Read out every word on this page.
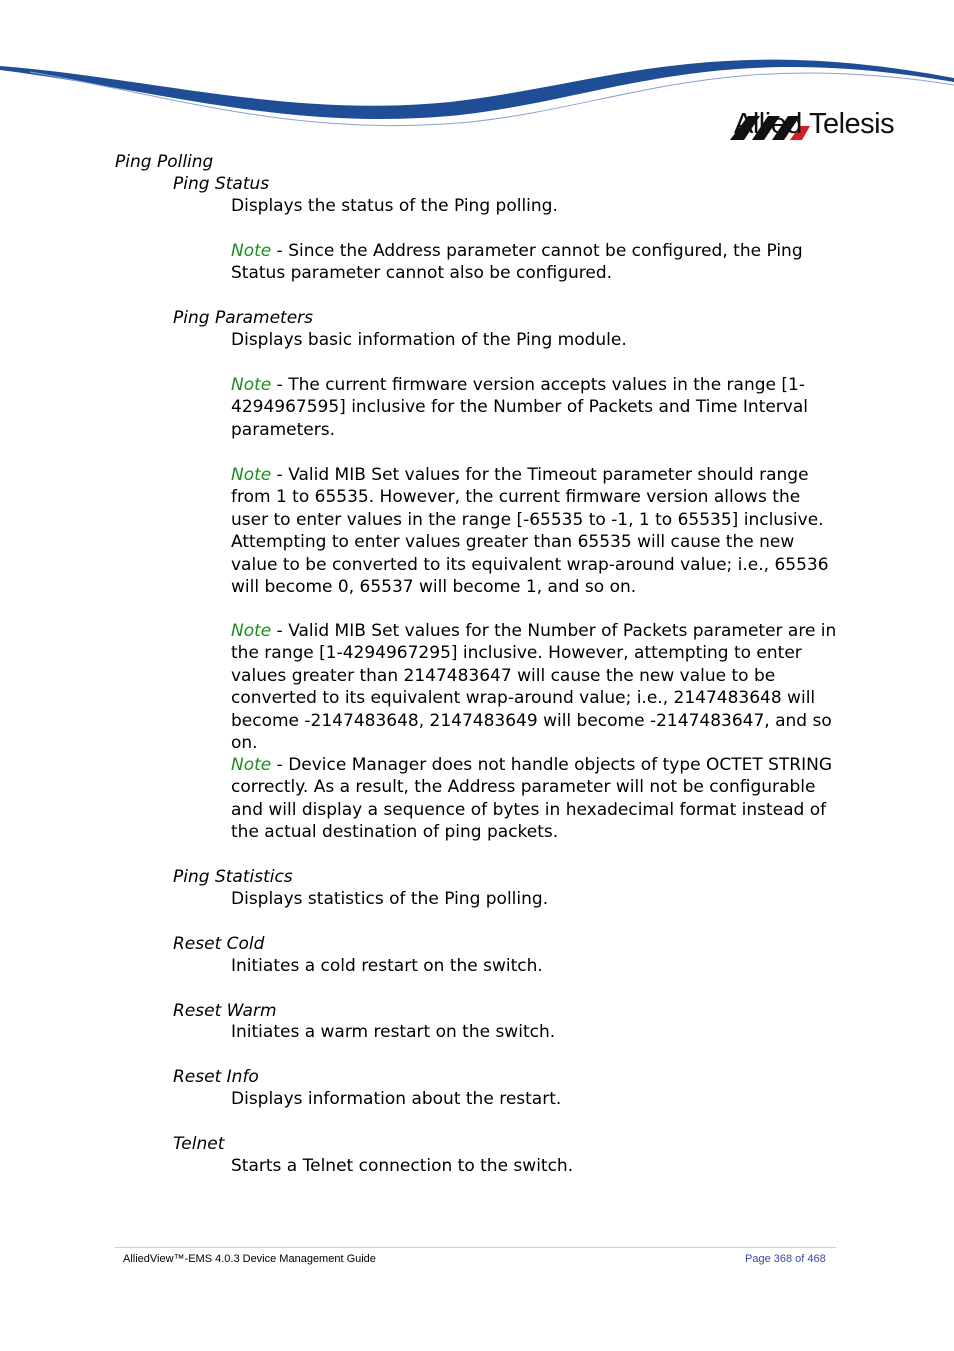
Allied Telesis
Ping Polling
Ping Status
Displays the status of the Ping polling.
Note - Since the Address parameter cannot be configured, the Ping Status parameter cannot also be configured.
Ping Parameters
Displays basic information of the Ping module.
Note - The current firmware version accepts values in the range [1-4294967595] inclusive for the Number of Packets and Time Interval parameters.
Note - Valid MIB Set values for the Timeout parameter should range from 1 to 65535. However, the current firmware version allows the user to enter values in the range [-65535 to -1, 1 to 65535] inclusive. Attempting to enter values greater than 65535 will cause the new value to be converted to its equivalent wrap-around value; i.e., 65536 will become 0, 65537 will become 1, and so on.
Note - Valid MIB Set values for the Number of Packets parameter are in the range [1-4294967295] inclusive. However, attempting to enter values greater than 2147483647 will cause the new value to be converted to its equivalent wrap-around value; i.e., 2147483648 will become -2147483648, 2147483649 will become -2147483647, and so on.
Note - Device Manager does not handle objects of type OCTET STRING correctly. As a result, the Address parameter will not be configurable and will display a sequence of bytes in hexadecimal format instead of the actual destination of ping packets.
Ping Statistics
Displays statistics of the Ping polling.
Reset Cold
Initiates a cold restart on the switch.
Reset Warm
Initiates a warm restart on the switch.
Reset Info
Displays information about the restart.
Telnet
Starts a Telnet connection to the switch.
AlliedView™-EMS 4.0.3 Device Management Guide	Page 368 of 468
